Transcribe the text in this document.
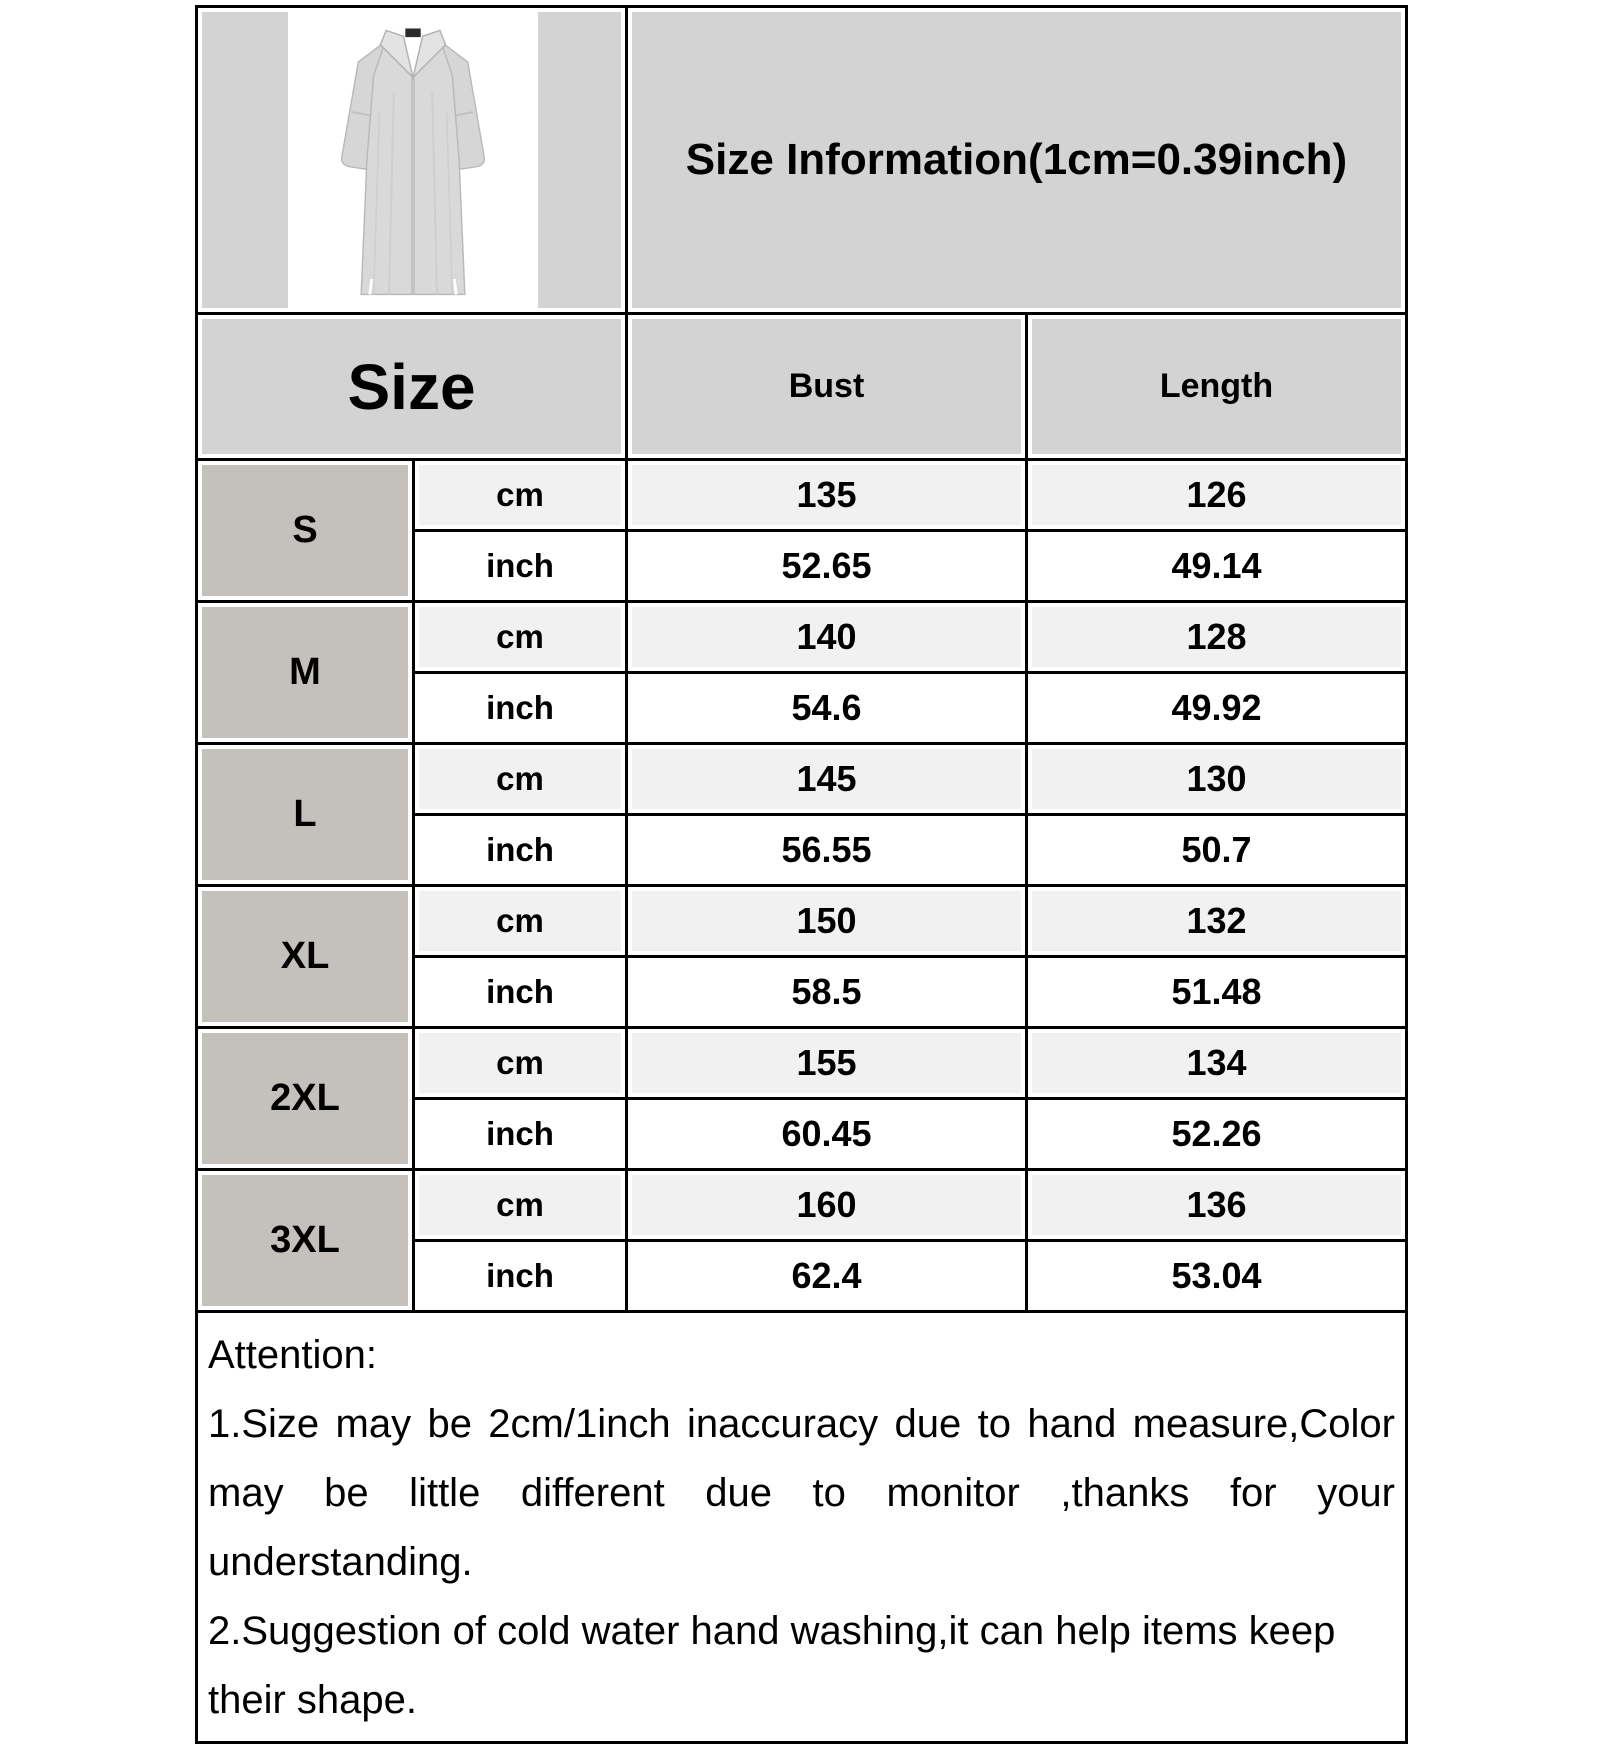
Size Information(1cm=0.39inch)	

Size		Bust	Length

S	cm	135	126

	inch	52.65	49.14

M	cm	140	128

	inch	54.6	49.92

L	cm	145	130

	inch	56.55	50.7

XL	cm	150	132

	inch	58.5	51.48

2XL	cm	155	134

	inch	60.45	52.26

3XL	cm	160	136

	inch	62.4	53.04

Attention:
1.Size may be 2cm/1inch inaccuracy due to hand measure,Color may be little different due to monitor ,thanks for your understanding.
2.Suggestion of cold water hand washing,it can help items keep their shape.			
